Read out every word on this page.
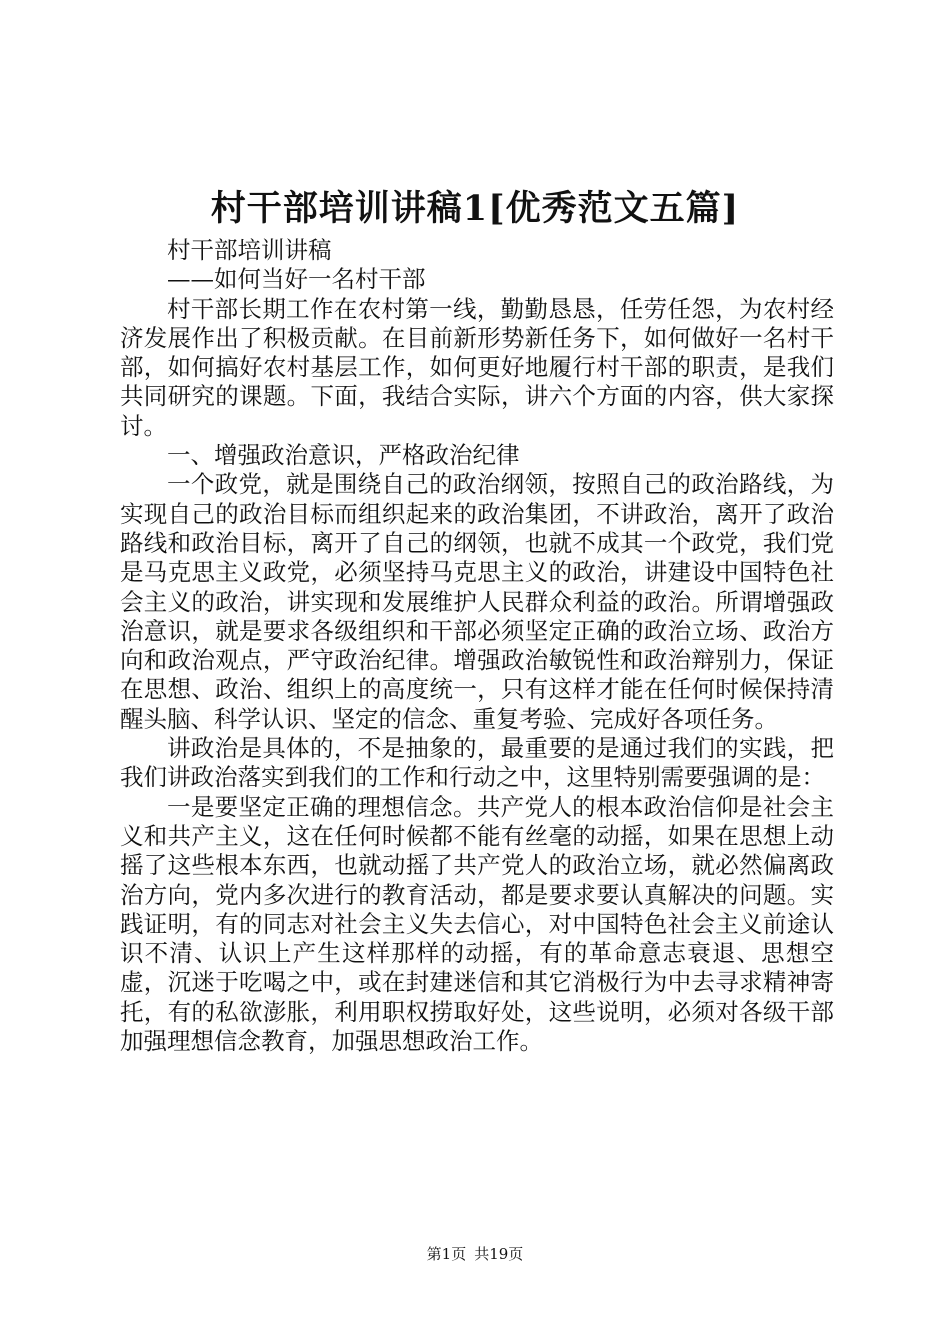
村干部培训讲稿1[优秀范文五篇]

村干部培训讲稿

——如何当好一名村干部

村干部长期工作在农村第一线，勤勤恳恳，任劳任怨，为农村经济发展作出了积极贡献。在目前新形势新任务下，如何做好一名村干部，如何搞好农村基层工作，如何更好地履行村干部的职责，是我们共同研究的课题。下面，我结合实际，讲六个方面的内容，供大家探讨。

一、增强政治意识，严格政治纪律

一个政党，就是围绕自己的政治纲领，按照自己的政治路线，为实现自己的政治目标而组织起来的政治集团，不讲政治，离开了政治路线和政治目标，离开了自己的纲领，也就不成其一个政党，我们党是马克思主义政党，必须坚持马克思主义的政治，讲建设中国特色社会主义的政治，讲实现和发展维护人民群众利益的政治。所谓增强政治意识，就是要求各级组织和干部必须坚定正确的政治立场、政治方向和政治观点，严守政治纪律。增强政治敏锐性和政治辩别力，保证在思想、政治、组织上的高度统一，只有这样才能在任何时候保持清醒头脑、科学认识、坚定的信念、重复考验、完成好各项任务。

讲政治是具体的，不是抽象的，最重要的是通过我们的实践，把我们讲政治落实到我们的工作和行动之中，这里特别需要强调的是：

一是要坚定正确的理想信念。共产党人的根本政治信仰是社会主义和共产主义，这在任何时候都不能有丝毫的动摇，如果在思想上动摇了这些根本东西，也就动摇了共产党人的政治立场，就必然偏离政治方向，党内多次进行的教育活动，都是要求要认真解决的问题。实践证明，有的同志对社会主义失去信心，对中国特色社会主义前途认识不清、认识上产生这样那样的动摇，有的革命意志衰退、思想空虚，沉迷于吃喝之中，或在封建迷信和其它消极行为中去寻求精神寄托，有的私欲澎胀，利用职权捞取好处，这些说明，必须对各级干部加强理想信念教育，加强思想政治工作。

第1页 共19页
